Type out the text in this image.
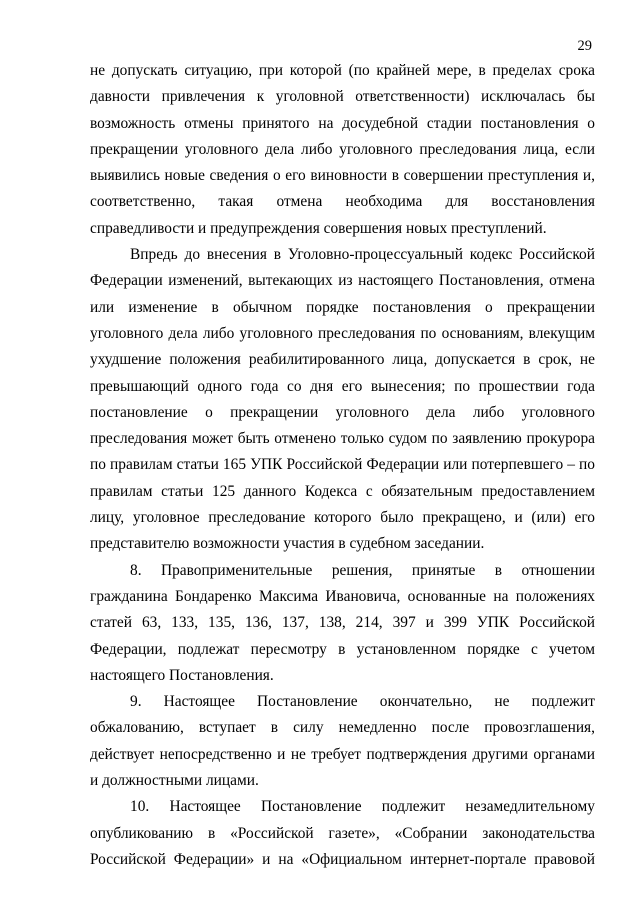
29

не допускать ситуацию, при которой (по крайней мере, в пределах срока давности привлечения к уголовной ответственности) исключалась бы возможность отмены принятого на досудебной стадии постановления о прекращении уголовного дела либо уголовного преследования лица, если выявились новые сведения о его виновности в совершении преступления и, соответственно, такая отмена необходима для восстановления справедливости и предупреждения совершения новых преступлений.

Впредь до внесения в Уголовно-процессуальный кодекс Российской Федерации изменений, вытекающих из настоящего Постановления, отмена или изменение в обычном порядке постановления о прекращении уголовного дела либо уголовного преследования по основаниям, влекущим ухудшение положения реабилитированного лица, допускается в срок, не превышающий одного года со дня его вынесения; по прошествии года постановление о прекращении уголовного дела либо уголовного преследования может быть отменено только судом по заявлению прокурора по правилам статьи 165 УПК Российской Федерации или потерпевшего – по правилам статьи 125 данного Кодекса с обязательным предоставлением лицу, уголовное преследование которого было прекращено, и (или) его представителю возможности участия в судебном заседании.

8. Правоприменительные решения, принятые в отношении гражданина Бондаренко Максима Ивановича, основанные на положениях статей 63, 133, 135, 136, 137, 138, 214, 397 и 399 УПК Российской Федерации, подлежат пересмотру в установленном порядке с учетом настоящего Постановления.

9. Настоящее Постановление окончательно, не подлежит обжалованию, вступает в силу немедленно после провозглашения, действует непосредственно и не требует подтверждения другими органами и должностными лицами.

10. Настоящее Постановление подлежит незамедлительному опубликованию в «Российской газете», «Собрании законодательства Российской Федерации» и на «Официальном интернет-портале правовой
